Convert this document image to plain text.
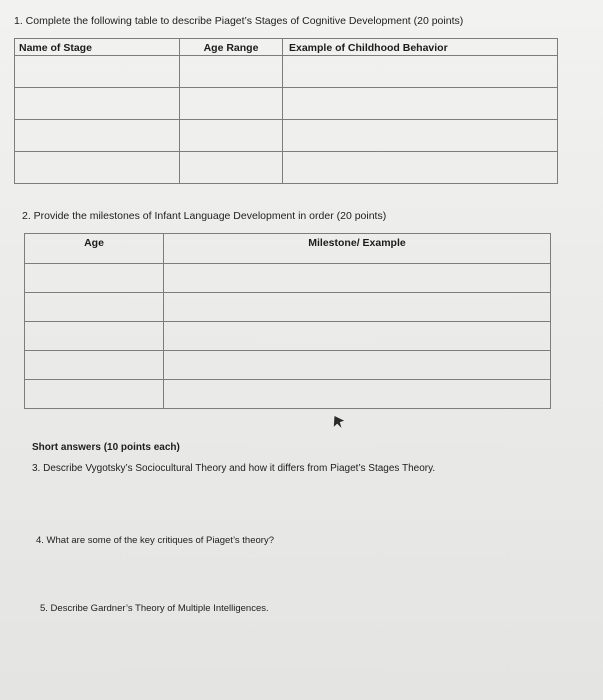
1. Complete the following table to describe Piaget’s Stages of Cognitive Development (20 points)
Name of Stage	Age Range	Example of Childhood Behavior

2. Provide the milestones of Infant Language Development in order (20 points)
Age	Milestone/ Example

Short answers (10 points each)
3. Describe Vygotsky’s Sociocultural Theory and how it differs from Piaget’s Stages Theory.
4. What are some of the key critiques of Piaget’s theory?
5. Describe Gardner’s Theory of Multiple Intelligences.
